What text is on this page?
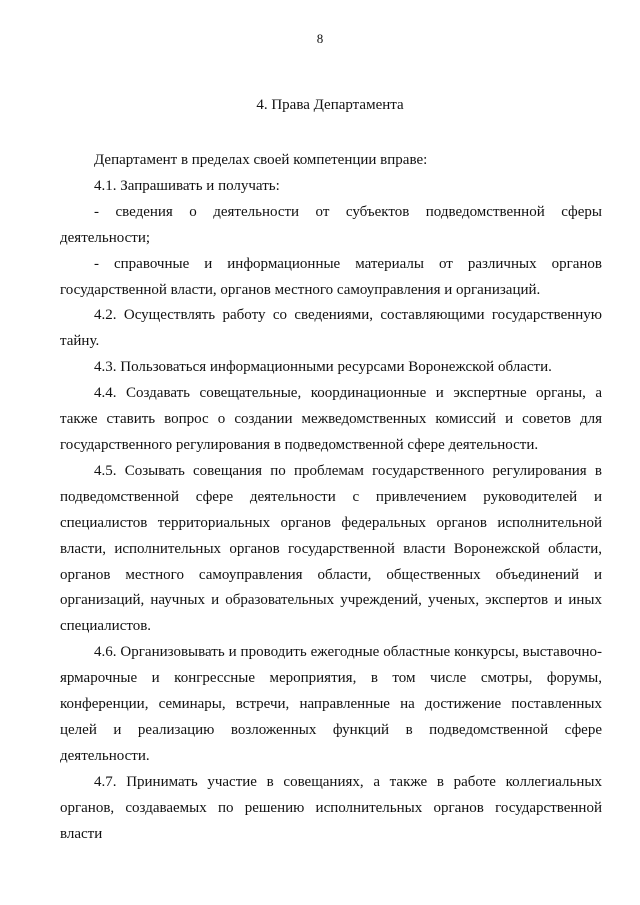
8
4. Права Департамента

Департамент в пределах своей компетенции вправе:

4.1. Запрашивать и получать:

- сведения о деятельности от субъектов подведомственной сферы деятельности;

- справочные и информационные материалы от различных органов государственной власти, органов местного самоуправления и организаций.

4.2. Осуществлять работу со сведениями, составляющими государственную тайну.

4.3. Пользоваться информационными ресурсами Воронежской области.

4.4. Создавать совещательные, координационные и экспертные органы, а также ставить вопрос о создании межведомственных комиссий и советов для государственного регулирования в подведомственной сфере деятельности.

4.5. Созывать совещания по проблемам государственного регулирования в подведомственной сфере деятельности с привлечением руководителей и специалистов территориальных органов федеральных органов исполнительной власти, исполнительных органов государственной власти Воронежской области, органов местного самоуправления области, общественных объединений и организаций, научных и образовательных учреждений, ученых, экспертов и иных специалистов.

4.6. Организовывать и проводить ежегодные областные конкурсы, выставочно-ярмарочные и конгрессные мероприятия, в том числе смотры, форумы, конференции, семинары, встречи, направленные на достижение поставленных целей и реализацию возложенных функций в подведомственной сфере деятельности.

4.7. Принимать участие в совещаниях, а также в работе коллегиальных органов, создаваемых по решению исполнительных органов государственной власти
